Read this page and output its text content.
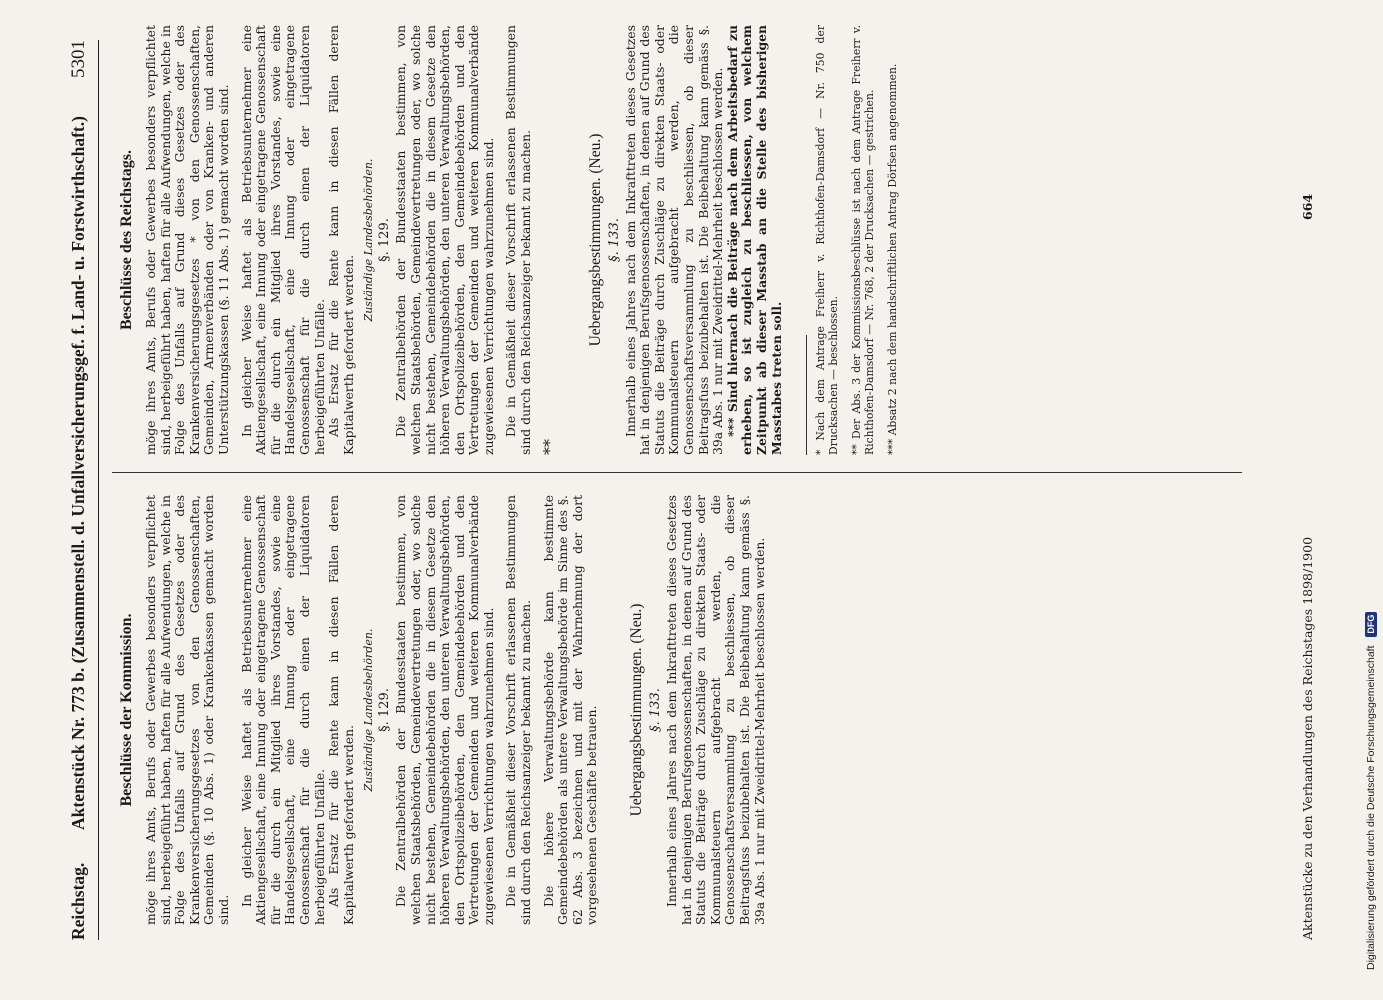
Reichstag.
Aktenstück Nr. 773 b. (Zusammenstell. d. Unfallversicherungsgef. f. Land- u. Forstwirthschaft.)
5301
Beschlüsse der Kommission. möge ihres Amts, Berufs oder Gewerbes besonders verpflichtet sind, herbeigeführt haben, haften für alle Aufwendungen, welche in Folge des Unfalls auf Grund des Gesetzes oder des Krankenversicherungsgesetzes von den Genossenschaften, Gemeinden (§. 10 Abs. 1) oder Krankenkassen gemacht worden sind.

In gleicher Weise haftet als Betriebsunternehmer eine Aktiengesellschaft, eine Innung oder eingetragene Genossenschaft für die durch ein Mitglied ihres Vorstandes, sowie eine Handelsgesellschaft, eine Innung oder eingetragene Genossenschaft für die durch einen der Liquidatoren herbeigeführten Unfälle. Als Ersatz für die Rente kann in diesen Fällen deren Kapitalwerth gefordert werden.

Zuständige Landesbehörden. §. 129. Die Zentralbehörden der Bundesstaaten bestimmen, von welchen Staatsbehörden, Gemeindevertretungen oder, wo solche nicht bestehen, Gemeindebehörden die in diesem Gesetze den höheren Verwaltungsbehörden, den unteren Verwaltungsbehörden, den Ortspolizeibehörden, den Gemeindebehörden und den Vertretungen der Gemeinden und weiteren Kommunalverbände zugewiesenen Verrichtungen wahrzunehmen sind. Die in Gemäßheit dieser Vorschrift erlassenen Bestimmungen sind durch den Reichsanzeiger bekannt zu machen. Die höhere Verwaltungsbehörde kann bestimmte Gemeindebehörden als untere Verwaltungsbehörde im Sinne des §. 62 Abs. 3 bezeichnen und mit der Wahrnehmung der dort vorgesehenen Geschäfte betrauen. Uebergangsbestimmungen. (Neu.) §. 133. Innerhalb eines Jahres nach dem Inkrafttreten dieses Gesetzes hat in denjenigen Berufsgenossenschaften, in denen auf Grund des Statuts die Beiträge durch Zuschläge zu direkten Staats- oder Kommunalsteuern aufgebracht werden, die Genossenschaftsversammlung zu beschliessen, ob dieser Beitragsfuss beizubehalten ist. Die Beibehaltung kann gemäss §. 39a Abs. 1 nur mit Zweidrittel-Mehrheit beschlossen werden.

Beschlüsse des Reichstags. möge ihres Amts, Berufs oder Gewerbes besonders verpflichtet sind, herbeigeführt haben, haften für alle Aufwendungen, welche in Folge des Unfalls auf Grund dieses Gesetzes oder des Krankenversicherungsgesetzes * von den Genossenschaften, Gemeinden, Armenverbänden oder von Kranken- und anderen Unterstützungskassen (§. 11 Abs. 1) gemacht worden sind. In gleicher Weise haftet als Betriebsunternehmer eine Aktiengesellschaft, eine Innung oder eingetragene Genossenschaft für die durch ein Mitglied ihres Vorstandes, sowie eine Handelsgesellschaft, eine Innung oder eingetragene Genossenschaft für die durch einen der Liquidatoren herbeigeführten Unfälle. Als Ersatz für die Rente kann in diesen Fällen deren Kapitalwerth gefordert werden.

Zuständige Landesbehörden. §. 129. Die Zentralbehörden der Bundesstaaten bestimmen, von welchen Staatsbehörden, Gemeindevertretungen oder, wo solche nicht bestehen, Gemeindebehörden die in diesem Gesetze den höheren Verwaltungsbehörden, den unteren Verwaltungsbehörden, den Ortspolizeibehörden, den Gemeindebehörden und den Vertretungen der Gemeinden und weiteren Kommunalverbände zugewiesenen Verrichtungen wahrzunehmen sind. Die in Gemäßheit dieser Vorschrift erlassenen Bestimmungen sind durch den Reichsanzeiger bekannt zu machen. **
Uebergangsbestimmungen. (Neu.) §. 133. Innerhalb eines Jahres nach dem Inkrafttreten dieses Gesetzes hat in denjenigen Berufsgenossenschaften, in denen auf Grund des Statuts die Beiträge durch Zuschläge zu direkten Staats- oder Kommunalsteuern aufgebracht werden, die Genossenschaftsversammlung zu beschliessen, ob dieser Beitragsfuss beizubehalten ist. Die Beibehaltung kann gemäss §. 39a Abs. 1 nur mit Zweidrittel-Mehrheit beschlossen werden. *** Sind hiernach die Beiträge nach dem Arbeitsbedarf zu erheben, so ist zugleich zu beschliessen, von welchem Zeitpunkt ab dieser Masstab an die Stelle des bisherigen Masstabes treten soll.	* Nach dem Antrage Freiherr v. Richthofen-Damsdorf — Nr. 750 der Drucksachen — beschlossen. ** Der Abs. 3 der Kommissionsbeschlüsse ist nach dem Antrage Freiherr v. Richthofen-Damsdorf — Nr. 768, 2 der Drucksachen — gestrichen. *** Absatz 2 nach dem handschriftlichen Antrag Dörfsen angenommen.

Aktenstücke zu den Verhandlungen des Reichstages 1898/1900
664
Digitalisierung gefördert durch die Deutsche Forschungsgemeinschaft DFG
